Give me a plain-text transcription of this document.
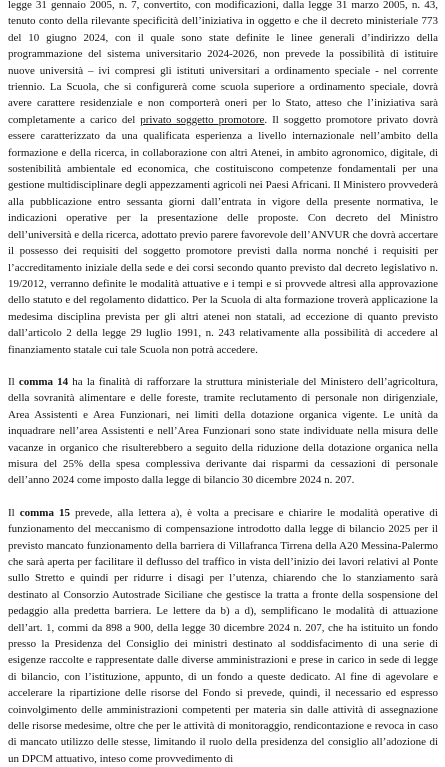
legge 31 gennaio 2005, n. 7, convertito, con modificazioni, dalla legge 31 marzo 2005, n. 43, tenuto conto della rilevante specificità dell’iniziativa in oggetto e che il decreto ministeriale 773 del 10 giugno 2024, con il quale sono state definite le linee generali d’indirizzo della programmazione del sistema universitario 2024-2026, non prevede la possibilità di istituire nuove università – ivi compresi gli istituti universitari a ordinamento speciale - nel corrente triennio. La Scuola, che si configurerà come scuola superiore a ordinamento speciale, dovrà avere carattere residenziale e non comporterà oneri per lo Stato, atteso che l’iniziativa sarà completamente a carico del privato soggetto promotore. Il soggetto promotore privato dovrà essere caratterizzato da una qualificata esperienza a livello internazionale nell’ambito della formazione e della ricerca, in collaborazione con altri Atenei, in ambito agronomico, digitale, di sostenibilità ambientale ed economica, che costituiscono competenze fondamentali per una gestione multidisciplinare degli appezzamenti agricoli nei Paesi Africani. Il Ministero provvederà alla pubblicazione entro sessanta giorni dall’entrata in vigore della presente normativa, le indicazioni operative per la presentazione delle proposte. Con decreto del Ministro dell’università e della ricerca, adottato previo parere favorevole dell’ANVUR che dovrà accertare il possesso dei requisiti del soggetto promotore previsti dalla norma nonché i requisiti per l’accreditamento iniziale della sede e dei corsi secondo quanto previsto dal decreto legislativo n. 19/2012, verranno definite le modalità attuative e i tempi e si provvede altresì alla approvazione dello statuto e del regolamento didattico. Per la Scuola di alta formazione troverà applicazione la medesima disciplina prevista per gli altri atenei non statali, ad eccezione di quanto previsto dall’articolo 2 della legge 29 luglio 1991, n. 243 relativamente alla possibilità di accedere al finanziamento statale cui tale Scuola non potrà accedere.

Il comma 14 ha la finalità di rafforzare la struttura ministeriale del Ministero dell’agricoltura, della sovranità alimentare e delle foreste, tramite reclutamento di personale non dirigenziale, Area Assistenti e Area Funzionari, nei limiti della dotazione organica vigente. Le unità da inquadrare nell’area Assistenti e nell’Area Funzionari sono state individuate nella misura delle vacanze in organico che risulterebbero a seguito della riduzione della dotazione organica nella misura del 25% della spesa complessiva derivante dai risparmi da cessazioni di personale dell’anno 2024 come imposto dalla legge di bilancio 30 dicembre 2024 n. 207.

Il comma 15 prevede, alla lettera a), è volta a precisare e chiarire le modalità operative di funzionamento del meccanismo di compensazione introdotto dalla legge di bilancio 2025 per il previsto mancato funzionamento della barriera di Villafranca Tirrena della A20 Messina-Palermo che sarà aperta per facilitare il deflusso del traffico in vista dell’inizio dei lavori relativi al Ponte sullo Stretto e quindi per ridurre i disagi per l’utenza, chiarendo che lo stanziamento sarà destinato al Consorzio Autostrade Siciliane che gestisce la tratta a fronte della sospensione del pedaggio alla predetta barriera. Le lettere da b) a d), semplificano le modalità di attuazione dell’art. 1, commi da 898 a 900, della legge 30 dicembre 2024 n. 207, che ha istituito un fondo presso la Presidenza del Consiglio dei ministri destinato al soddisfacimento di una serie di esigenze raccolte e rappresentate dalle diverse amministrazioni e prese in carico in sede di legge di bilancio, con l’istituzione, appunto, di un fondo a queste dedicato. Al fine di agevolare e accelerare la ripartizione delle risorse del Fondo si prevede, quindi, il necessario ed espresso coinvolgimento delle amministrazioni competenti per materia sin dalle attività di assegnazione delle risorse medesime, oltre che per le attività di monitoraggio, rendicontazione e revoca in caso di mancato utilizzo delle stesse, limitando il ruolo della presidenza del consiglio all’adozione di un DPCM attuativo, inteso come provvedimento di
